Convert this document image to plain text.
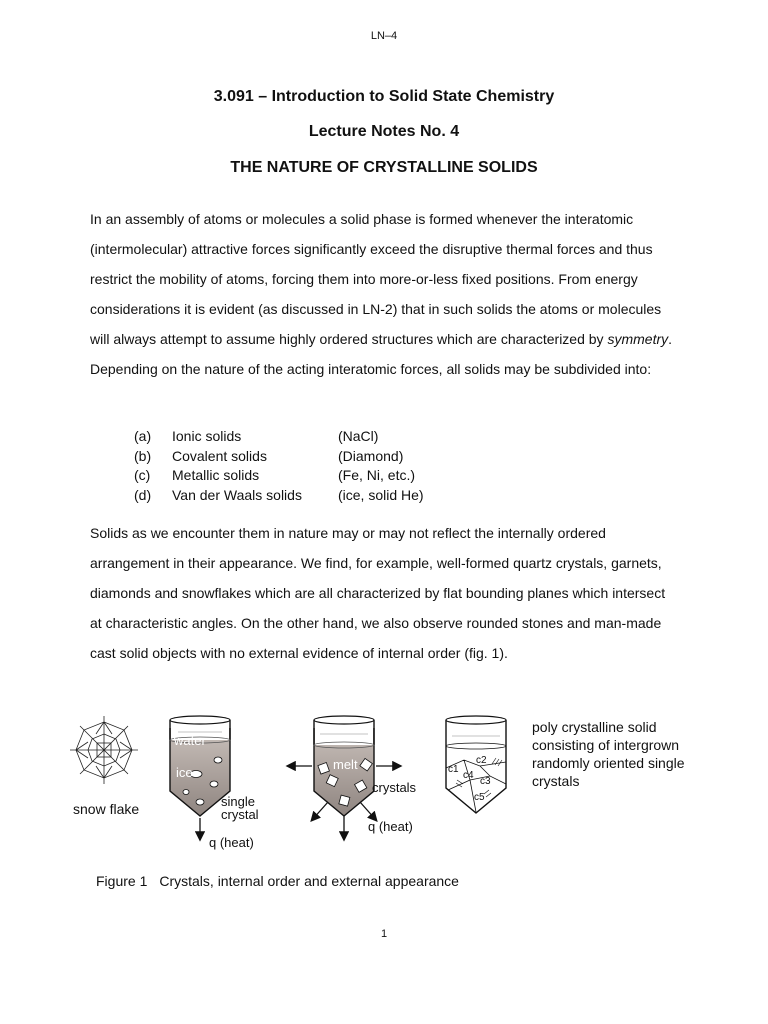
LN–4
3.091 – Introduction to Solid State Chemistry
Lecture Notes No. 4
THE NATURE OF CRYSTALLINE SOLIDS

In an assembly of atoms or molecules a solid phase is formed whenever the interatomic (intermolecular) attractive forces significantly exceed the disruptive thermal forces and thus restrict the mobility of atoms, forcing them into more-or-less fixed positions. From energy considerations it is evident (as discussed in LN-2) that in such solids the atoms or molecules will always attempt to assume highly ordered structures which are characterized by symmetry. Depending on the nature of the acting interatomic forces, all solids may be subdivided into:

(a)	Ionic solids	(NaCl)
(b)	Covalent solids	(Diamond)
(c)	Metallic solids	(Fe, Ni, etc.)
(d)	Van der Waals solids	(ice, solid He)

Solids as we encounter them in nature may or may not reflect the internally ordered arrangement in their appearance. We find, for example, well-formed quartz crystals, garnets, diamonds and snowflakes which are all characterized by flat bounding planes which intersect at characteristic angles. On the other hand, we also observe rounded stones and man-made cast solid objects with no external evidence of internal order (fig. 1).

snow flake
water
ice
single
crystal
q (heat)
melt
crystals
q (heat)
c1
c2
c3
c4
c5
poly crystalline solid
consisting of intergrown
randomly oriented single
crystals
Figure 1 Crystals, internal order and external appearance
1
